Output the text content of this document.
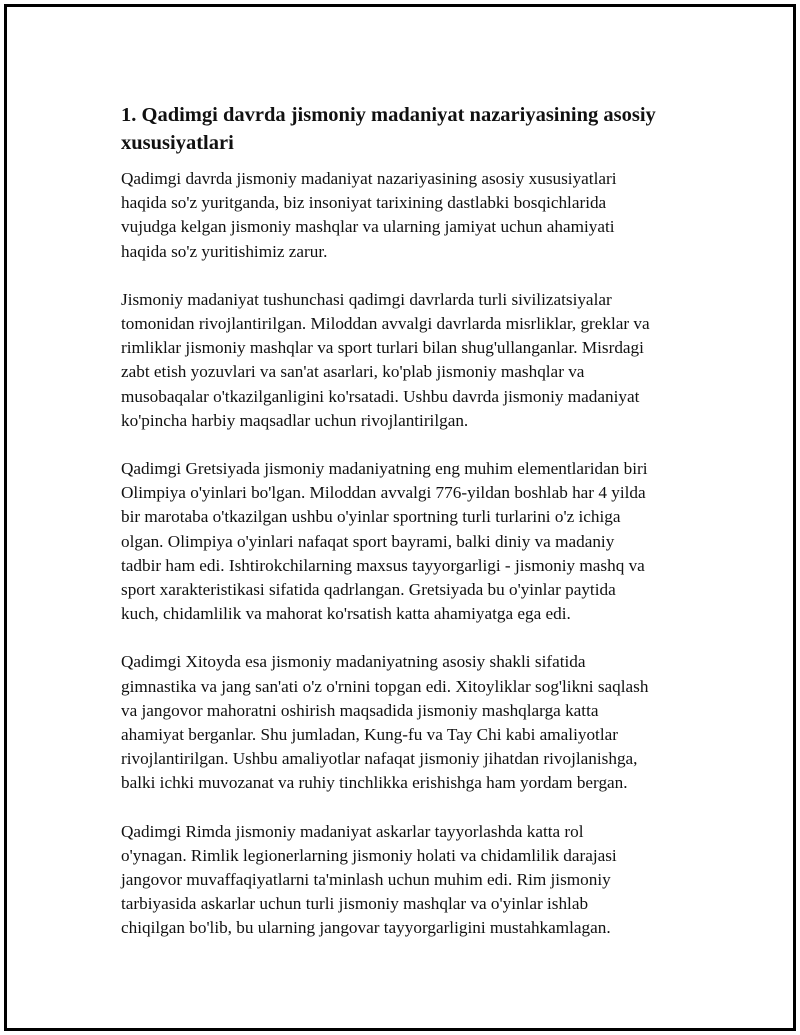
1. Qadimgi davrda jismoniy madaniyat nazariyasining asosiy
xususiyatlari

Qadimgi davrda jismoniy madaniyat nazariyasining asosiy xususiyatlari
haqida so'z yuritganda, biz insoniyat tarixining dastlabki bosqichlarida
vujudga kelgan jismoniy mashqlar va ularning jamiyat uchun ahamiyati
haqida so'z yuritishimiz zarur.

Jismoniy madaniyat tushunchasi qadimgi davrlarda turli sivilizatsiyalar
tomonidan rivojlantirilgan. Miloddan avvalgi davrlarda misrliklar, greklar va
rimliklar jismoniy mashqlar va sport turlari bilan shug'ullanganlar. Misrdagi
zabt etish yozuvlari va san'at asarlari, ko'plab jismoniy mashqlar va
musobaqalar o'tkazilganligini ko'rsatadi. Ushbu davrda jismoniy madaniyat
ko'pincha harbiy maqsadlar uchun rivojlantirilgan.

Qadimgi Gretsiyada jismoniy madaniyatning eng muhim elementlaridan biri
Olimpiya o'yinlari bo'lgan. Miloddan avvalgi 776-yildan boshlab har 4 yilda
bir marotaba o'tkazilgan ushbu o'yinlar sportning turli turlarini o'z ichiga
olgan. Olimpiya o'yinlari nafaqat sport bayrami, balki diniy va madaniy
tadbir ham edi. Ishtirokchilarning maxsus tayyorgarligi - jismoniy mashq va
sport xarakteristikasi sifatida qadrlangan. Gretsiyada bu o'yinlar paytida
kuch, chidamlilik va mahorat ko'rsatish katta ahamiyatga ega edi.

Qadimgi Xitoyda esa jismoniy madaniyatning asosiy shakli sifatida
gimnastika va jang san'ati o'z o'rnini topgan edi. Xitoyliklar sog'likni saqlash
va jangovor mahoratni oshirish maqsadida jismoniy mashqlarga katta
ahamiyat berganlar. Shu jumladan, Kung-fu va Tay Chi kabi amaliyotlar
rivojlantirilgan. Ushbu amaliyotlar nafaqat jismoniy jihatdan rivojlanishga,
balki ichki muvozanat va ruhiy tinchlikka erishishga ham yordam bergan.

Qadimgi Rimda jismoniy madaniyat askarlar tayyorlashda katta rol
o'ynagan. Rimlik legionerlarning jismoniy holati va chidamlilik darajasi
jangovor muvaffaqiyatlarni ta'minlash uchun muhim edi. Rim jismoniy
tarbiyasida askarlar uchun turli jismoniy mashqlar va o'yinlar ishlab
chiqilgan bo'lib, bu ularning jangovar tayyorgarligini mustahkamlagan.
